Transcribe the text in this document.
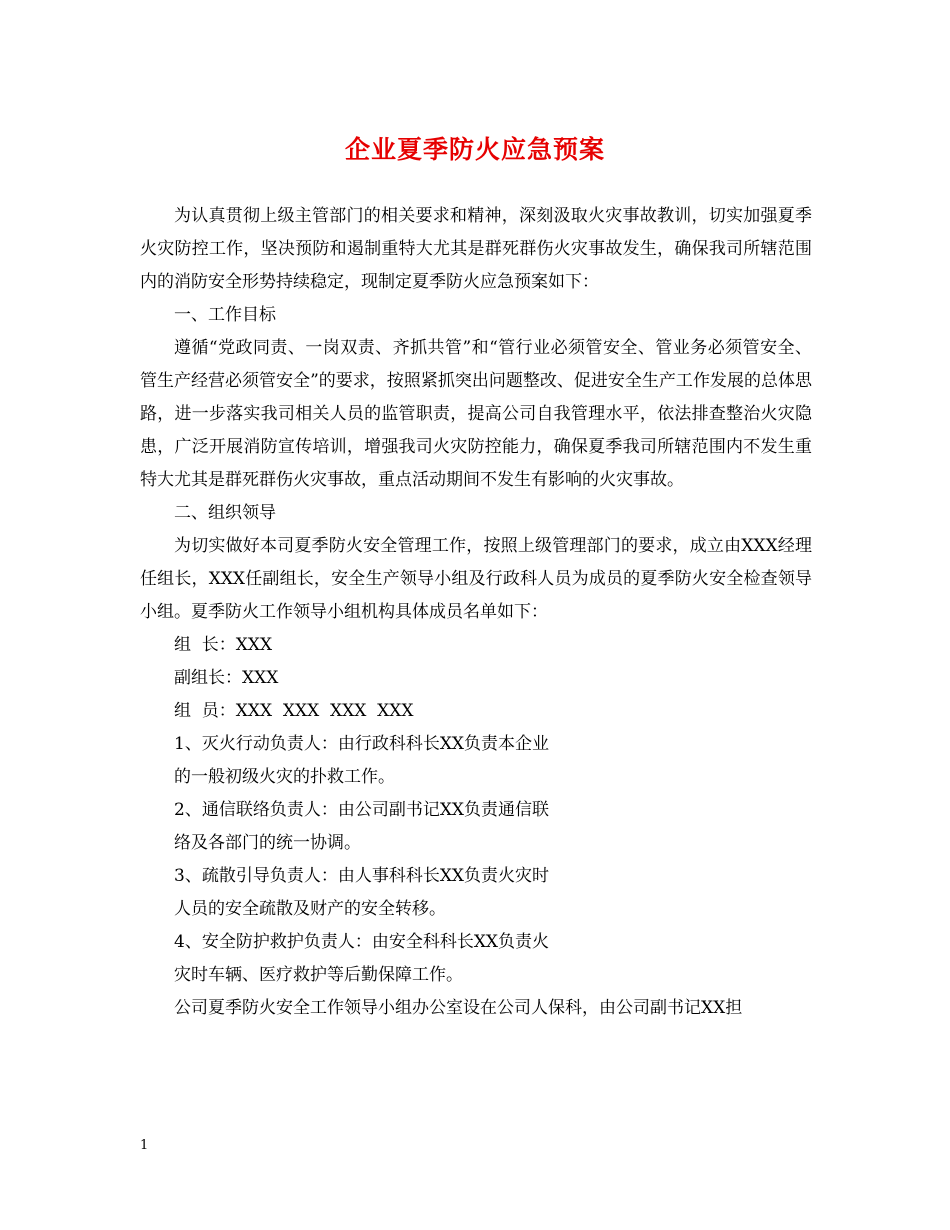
企业夏季防火应急预案

为认真贯彻上级主管部门的相关要求和精神，深刻汲取火灾事故教训，切实加强夏季火灾防控工作，坚决预防和遏制重特大尤其是群死群伤火灾事故发生，确保我司所辖范围内的消防安全形势持续稳定，现制定夏季防火应急预案如下：

一、工作目标

遵循“党政同责、一岗双责、齐抓共管”和“管行业必须管安全、管业务必须管安全、管生产经营必须管安全”的要求，按照紧抓突出问题整改、促进安全生产工作发展的总体思路，进一步落实我司相关人员的监管职责，提高公司自我管理水平，依法排查整治火灾隐患，广泛开展消防宣传培训，增强我司火灾防控能力，确保夏季我司所辖范围内不发生重特大尤其是群死群伤火灾事故，重点活动期间不发生有影响的火灾事故。

二、组织领导

为切实做好本司夏季防火安全管理工作，按照上级管理部门的要求，成立由XXX经理任组长，XXX任副组长，安全生产领导小组及行政科人员为成员的夏季防火安全检查领导小组。夏季防火工作领导小组机构具体成员名单如下：

组  长：XXX

副组长：XXX

组  员：XXX  XXX  XXX  XXX

1、灭火行动负责人：由行政科科长XX负责本企业

的一般初级火灾的扑救工作。

2、通信联络负责人：由公司副书记XX负责通信联

络及各部门的统一协调。

3、疏散引导负责人：由人事科科长XX负责火灾时

人员的安全疏散及财产的安全转移。

4、安全防护救护负责人：由安全科科长XX负责火

灾时车辆、医疗救护等后勤保障工作。

公司夏季防火安全工作领导小组办公室设在公司人保科，由公司副书记XX担

1
